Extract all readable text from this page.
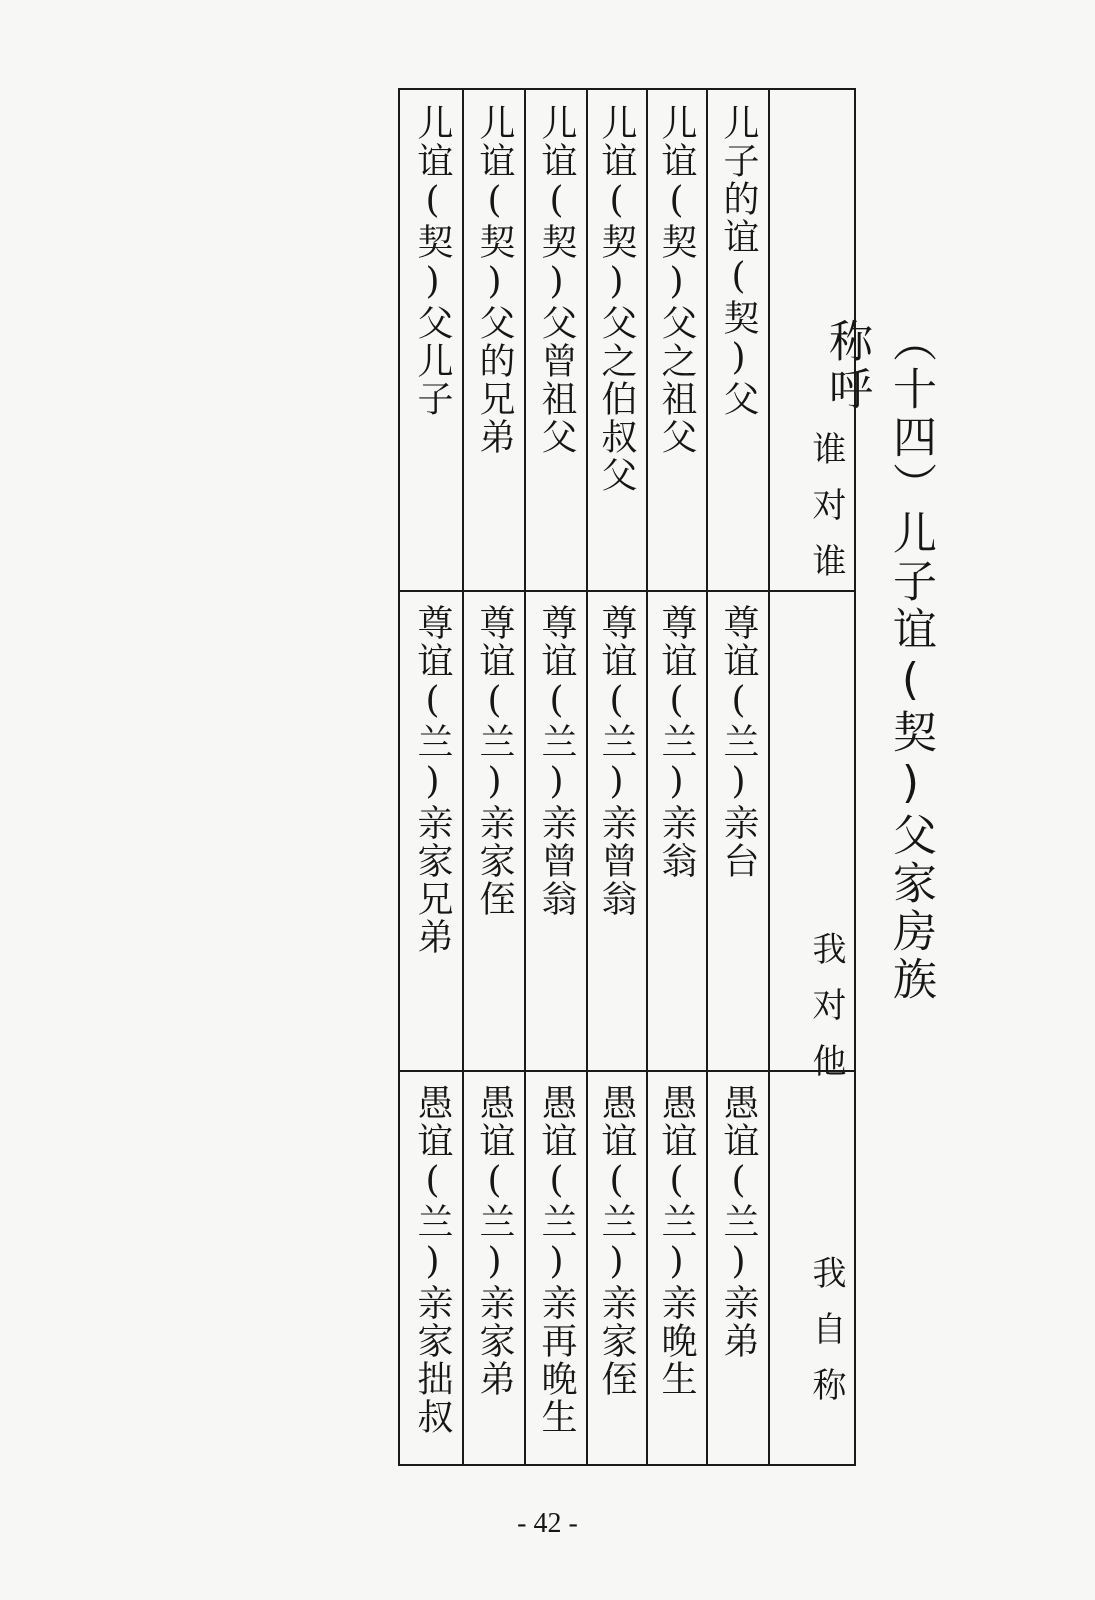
（十四）儿子谊(契)父家房族称呼
谁对谁
我对他
我自称
儿子的谊(契)父
尊谊(兰)亲台
愚谊(兰)亲弟
儿谊(契)父之祖父
尊谊(兰)亲翁
愚谊(兰)亲晚生
儿谊(契)父之伯叔父
尊谊(兰)亲曾翁
愚谊(兰)亲家侄
儿谊(契)父曾祖父
尊谊(兰)亲曾翁
愚谊(兰)亲再晚生
儿谊(契)父的兄弟
尊谊(兰)亲家侄
愚谊(兰)亲家弟
儿谊(契)父儿子
尊谊(兰)亲家兄弟
愚谊(兰)亲家拙叔
- 42 -
